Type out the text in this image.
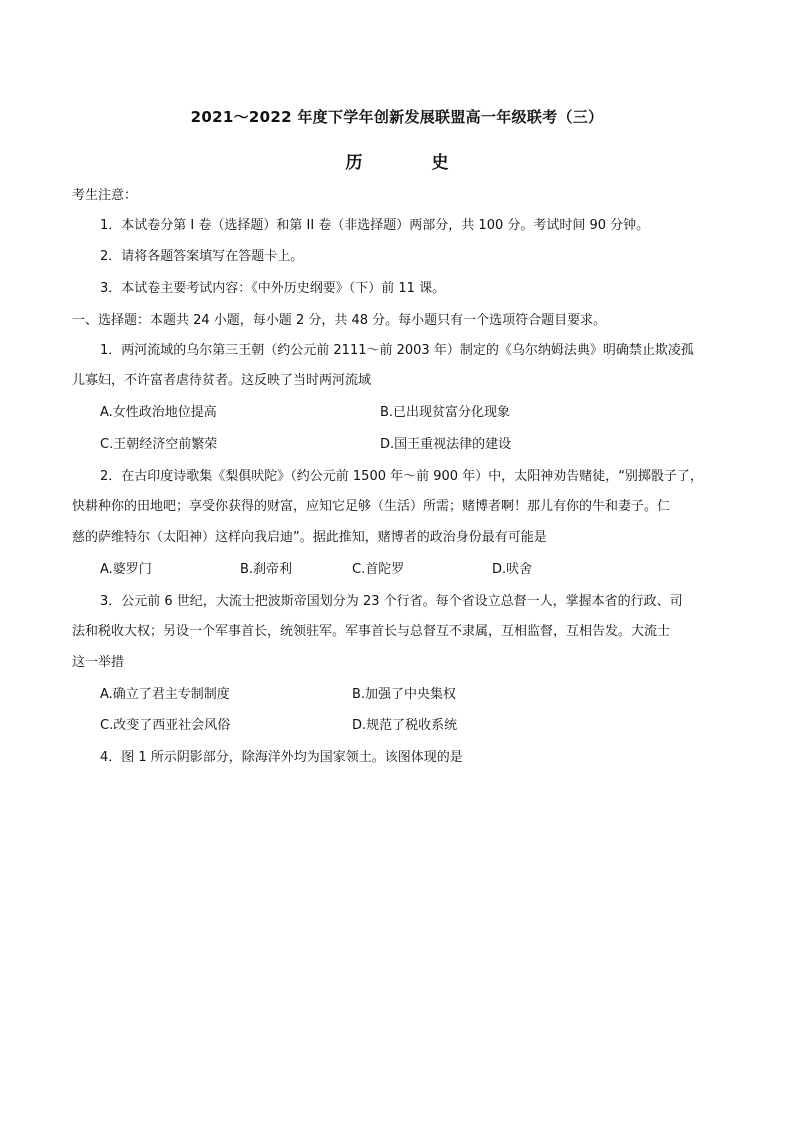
2021～2022 年度下学年创新发展联盟高一年级联考（三）
历　史
考生注意：
1．本试卷分第 I 卷（选择题）和第 II 卷（非选择题）两部分，共 100 分。考试时间 90 分钟。
2．请将各题答案填写在答题卡上。
3．本试卷主要考试内容：《中外历史纲要》（下）前 11 课。
一、选择题：本题共 24 小题，每小题 2 分，共 48 分。每小题只有一个选项符合题目要求。
1．两河流域的乌尔第三王朝（约公元前 2111～前 2003 年）制定的《乌尔纳姆法典》明确禁止欺凌孤
儿寡妇，不许富者虐待贫者。这反映了当时两河流域
A.女性政治地位提高	B.已出现贫富分化现象
C.王朝经济空前繁荣	D.国王重视法律的建设
2．在古印度诗歌集《梨俱吠陀》（约公元前 1500 年～前 900 年）中，太阳神劝告赌徒，“别掷骰子了，
快耕种你的田地吧；享受你获得的财富，应知它足够（生活）所需；赌博者啊！那儿有你的牛和妻子。仁
慈的萨维特尔（太阳神）这样向我启迪”。据此推知，赌博者的政治身份最有可能是
A.婆罗门	B.刹帝利	C.首陀罗	D.吠舍
3．公元前 6 世纪，大流士把波斯帝国划分为 23 个行省。每个省设立总督一人，掌握本省的行政、司
法和税收大权；另设一个军事首长，统领驻军。军事首长与总督互不隶属，互相监督，互相告发。大流士
这一举措
A.确立了君主专制制度	B.加强了中央集权
C.改变了西亚社会风俗	D.规范了税收系统
4．图 1 所示阴影部分，除海洋外均为国家领土。该图体现的是
